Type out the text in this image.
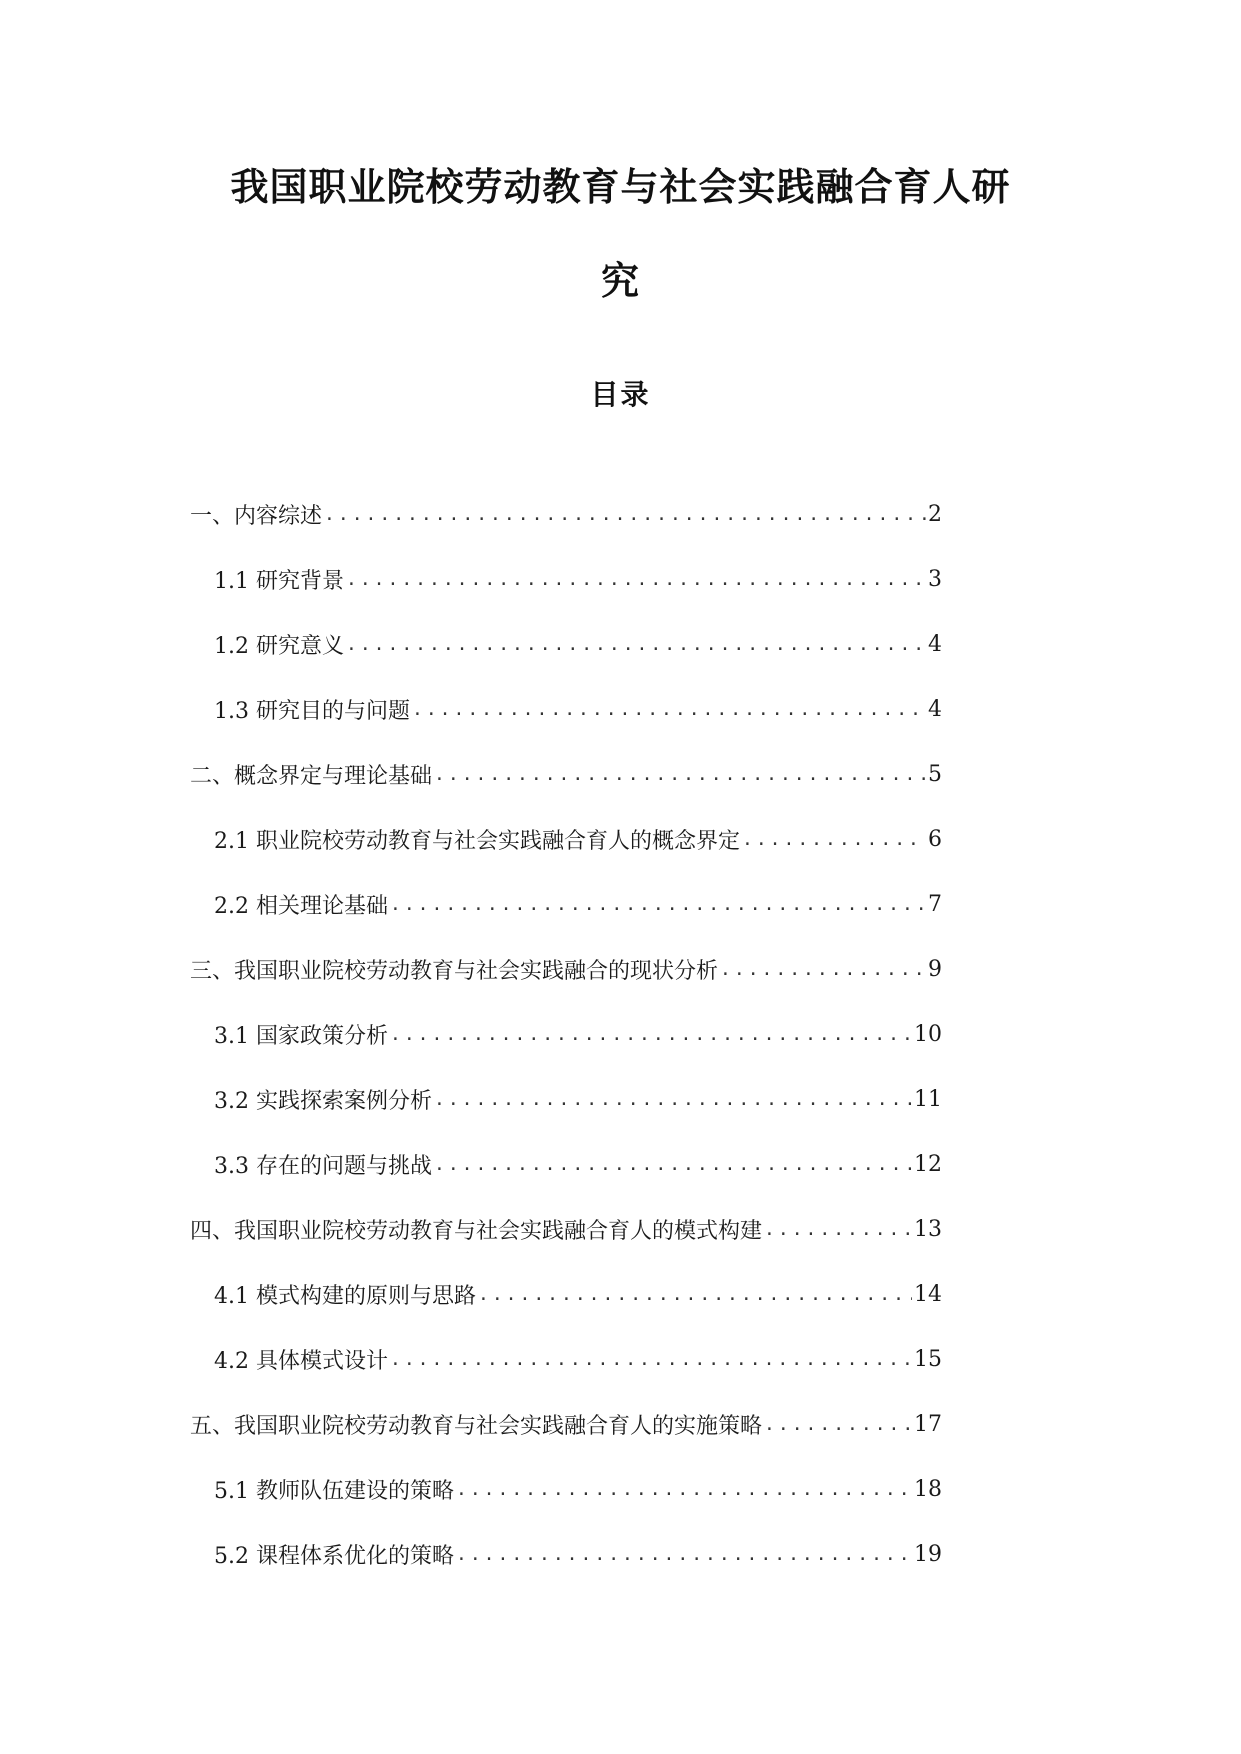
我国职业院校劳动教育与社会实践融合育人研
究
目录
一、内容综述 .....	2
1.1 研究背景 .....	3
1.2 研究意义 .....	4
1.3 研究目的与问题 .....	4
二、概念界定与理论基础 .....	5
2.1 职业院校劳动教育与社会实践融合育人的概念界定 .....	6
2.2 相关理论基础 .....	7
三、我国职业院校劳动教育与社会实践融合的现状分析 .....	9
3.1 国家政策分析 .....	10
3.2 实践探索案例分析 .....	11
3.3 存在的问题与挑战 .....	12
四、我国职业院校劳动教育与社会实践融合育人的模式构建 .....	13
4.1 模式构建的原则与思路 .....	14
4.2 具体模式设计 .....	15
五、我国职业院校劳动教育与社会实践融合育人的实施策略 .....	17
5.1 教师队伍建设的策略 .....	18
5.2 课程体系优化的策略 .....	19
